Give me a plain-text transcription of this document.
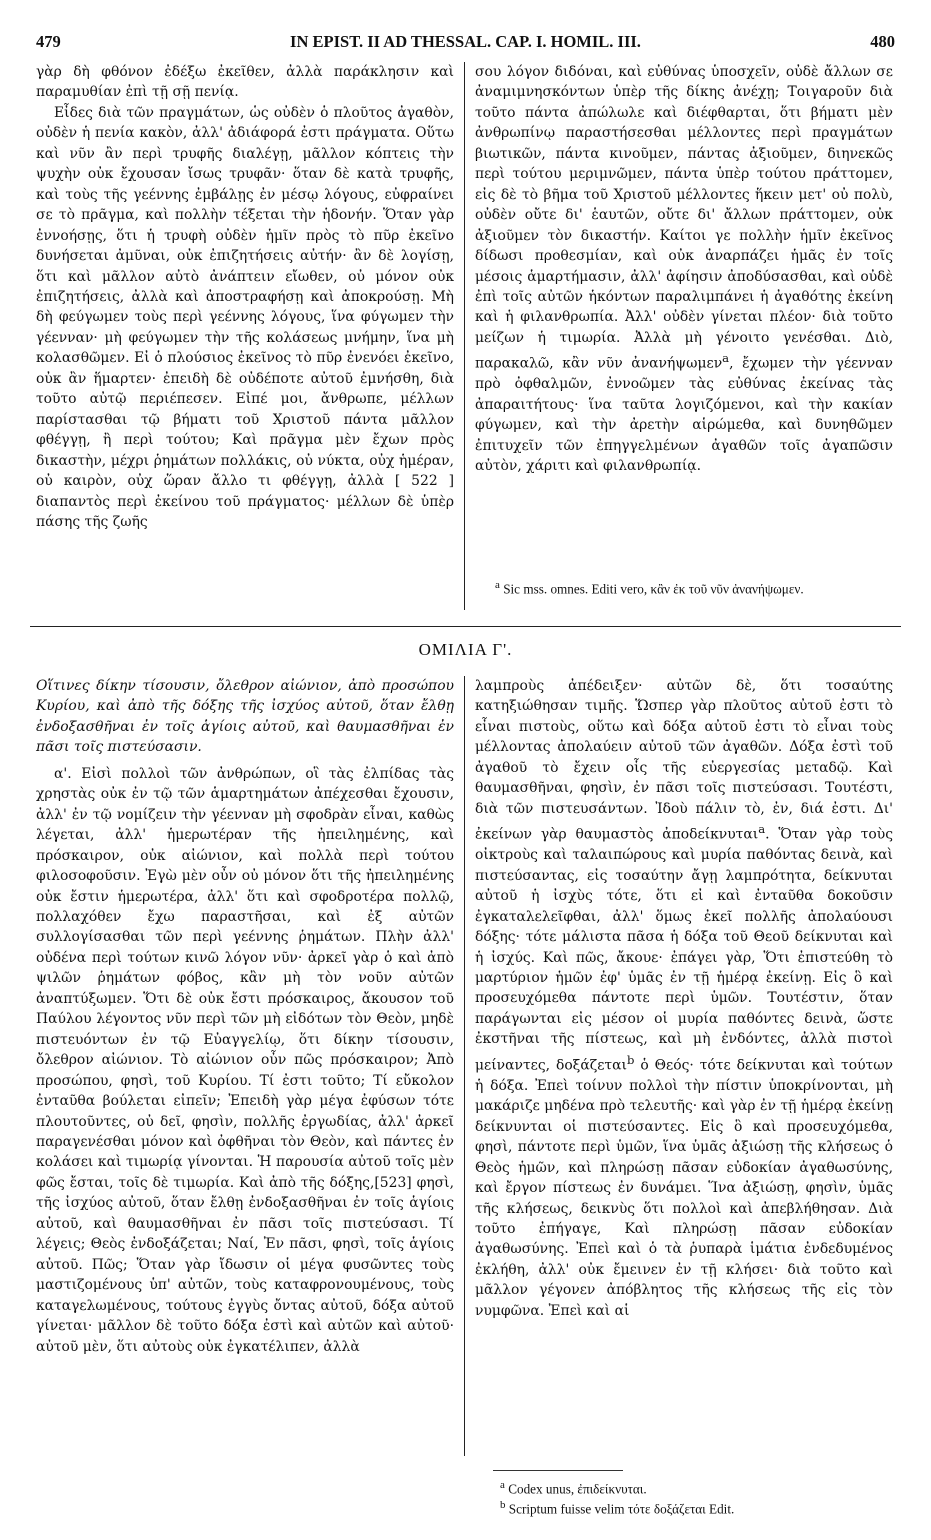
479	IN EPIST. II AD THESSAL. CAP. I. HOMIL. III.	480

γὰρ δὴ φθόνον ἐδέξω ἐκεῖθεν, ἀλλὰ παράκλησιν καὶ παραμυθίαν ἐπὶ τῇ σῇ πενίᾳ.

Εἶδες διὰ τῶν πραγμάτων, ὡς οὐδὲν ὁ πλοῦτος ἀγαθὸν, οὐδὲν ἡ πενία κακὸν, ἀλλ' ἀδιάφορά ἐστι πράγματα. Οὕτω καὶ νῦν ἂν περὶ τρυφῆς διαλέγῃ, μᾶλλον κόπτεις τὴν ψυχὴν οὐκ ἔχουσαν ἴσως τρυφᾶν· ὅταν δὲ κατὰ τρυφῆς, καὶ τοὺς τῆς γεέννης ἐμβάλῃς ἐν μέσῳ λόγους, εὐφραίνει σε τὸ πρᾶγμα, καὶ πολλὴν τέξεται τὴν ἡδονήν. Ὅταν γὰρ ἐννοήσῃς, ὅτι ἡ τρυφὴ οὐδὲν ἡμῖν πρὸς τὸ πῦρ ἐκεῖνο δυνήσεται ἀμῦναι, οὐκ ἐπιζητήσεις αὐτήν· ἂν δὲ λογίσῃ, ὅτι καὶ μᾶλλον αὐτὸ ἀνάπτειν εἴωθεν, οὐ μόνον οὐκ ἐπιζητήσεις, ἀλλὰ καὶ ἀποστραφήσῃ καὶ ἀποκρούσῃ. Μὴ δὴ φεύγωμεν τοὺς περὶ γεέννης λόγους, ἵνα φύγωμεν τὴν γέενναν· μὴ φεύγωμεν τὴν τῆς κολάσεως μνήμην, ἵνα μὴ κολασθῶμεν. Εἰ ὁ πλούσιος ἐκεῖνος τὸ πῦρ ἐνενόει ἐκεῖνο, οὐκ ἂν ἥμαρτεν· ἐπειδὴ δὲ οὐδέποτε αὐτοῦ ἐμνήσθη, διὰ τοῦτο αὐτῷ περιέπεσεν. Εἰπέ μοι, ἄνθρωπε, μέλλων παρίστασθαι τῷ βήματι τοῦ Χριστοῦ πάντα μᾶλλον φθέγγῃ, ἢ περὶ τούτου; Καὶ πρᾶγμα μὲν ἔχων πρὸς δικαστὴν, μέχρι ῥημάτων πολλάκις, οὐ νύκτα, οὐχ ἡμέραν, οὐ καιρὸν, οὐχ ὥραν ἄλλο τι φθέγγῃ, ἀλλὰ [ 522 ] διαπαντὸς περὶ ἐκείνου τοῦ πράγματος· μέλλων δὲ ὑπὲρ πάσης τῆς ζωῆς

σου λόγον διδόναι, καὶ εὐθύνας ὑποσχεῖν, οὐδὲ ἄλλων σε ἀναμιμνησκόντων ὑπὲρ τῆς δίκης ἀνέχῃ; Τοιγαροῦν διὰ τοῦτο πάντα ἀπώλωλε καὶ διέφθαρται, ὅτι βήματι μὲν ἀνθρωπίνῳ παραστήσεσθαι μέλλοντες περὶ πραγμάτων βιωτικῶν, πάντα κινοῦμεν, πάντας ἀξιοῦμεν, διηνεκῶς περὶ τούτου μεριμνῶμεν, πάντα ὑπὲρ τούτου πράττομεν, εἰς δὲ τὸ βῆμα τοῦ Χριστοῦ μέλλοντες ἥκειν μετ' οὐ πολὺ, οὐδὲν οὔτε δι' ἑαυτῶν, οὔτε δι' ἄλλων πράττομεν, οὐκ ἀξιοῦμεν τὸν δικαστήν. Καίτοι γε πολλὴν ἡμῖν ἐκεῖνος δίδωσι προθεσμίαν, καὶ οὐκ ἀναρπάζει ἡμᾶς ἐν τοῖς μέσοις ἁμαρτήμασιν, ἀλλ' ἀφίησιν ἀποδύσασθαι, καὶ οὐδὲ ἐπὶ τοῖς αὐτῶν ἡκόντων παραλιμπάνει ἡ ἀγαθότης ἐκείνη καὶ ἡ φιλανθρωπία. Ἀλλ' οὐδὲν γίνεται πλέον· διὰ τοῦτο μείζων ἡ τιμωρία. Ἀλλὰ μὴ γένοιτο γενέσθαι. Διὸ, παρακαλῶ, κἂν νῦν ἀνανήψωμεν$^a$, ἔχωμεν τὴν γέενναν πρὸ ὀφθαλμῶν, ἐννοῶμεν τὰς εὐθύνας ἐκείνας τὰς ἀπαραιτήτους· ἵνα ταῦτα λογιζόμενοι, καὶ τὴν κακίαν φύγωμεν, καὶ τὴν ἀρετὴν αἱρώμεθα, καὶ δυνηθῶμεν ἐπιτυχεῖν τῶν ἐπηγγελμένων ἀγαθῶν τοῖς ἀγαπῶσιν αὐτὸν, χάριτι καὶ φιλανθρωπίᾳ.

$^a$ Sic mss. omnes. Editi vero, κἂν ἐκ τοῦ νῦν ἀνανήψωμεν.
ΟΜΙΛΙΑ Γ'.

Οἵτινες δίκην τίσουσιν, ὄλεθρον αἰώνιον, ἀπὸ προσώπου Κυρίου, καὶ ἀπὸ τῆς δόξης τῆς ἰσχύος αὐτοῦ, ὅταν ἔλθῃ ἐνδοξασθῆναι ἐν τοῖς ἁγίοις αὐτοῦ, καὶ θαυμασθῆναι ἐν πᾶσι τοῖς πιστεύσασιν.

α'. Εἰσὶ πολλοὶ τῶν ἀνθρώπων, οἳ τὰς ἐλπίδας τὰς χρηστὰς οὐκ ἐν τῷ τῶν ἁμαρτημάτων ἀπέχεσθαι ἔχουσιν, ἀλλ' ἐν τῷ νομίζειν τὴν γέενναν μὴ σφοδρὰν εἶναι, καθὼς λέγεται, ἀλλ' ἡμερωτέραν τῆς ἠπειλημένης, καὶ πρόσκαιρον, οὐκ αἰώνιον, καὶ πολλὰ περὶ τούτου φιλοσοφοῦσιν. Ἐγὼ μὲν οὖν οὐ μόνον ὅτι τῆς ἠπειλημένης οὐκ ἔστιν ἡμερωτέρα, ἀλλ' ὅτι καὶ σφοδροτέρα πολλῷ, πολλαχόθεν ἔχω παραστῆσαι, καὶ ἐξ αὐτῶν συλλογίσασθαι τῶν περὶ γεέννης ῥημάτων. Πλὴν ἀλλ' οὐδένα περὶ τούτων κινῶ λόγον νῦν· ἀρκεῖ γὰρ ὁ καὶ ἀπὸ ψιλῶν ῥημάτων φόβος, κἂν μὴ τὸν νοῦν αὐτῶν ἀναπτύξωμεν. Ὅτι δὲ οὐκ ἔστι πρόσκαιρος, ἄκουσον τοῦ Παύλου λέγοντος νῦν περὶ τῶν μὴ εἰδότων τὸν Θεὸν, μηδὲ πιστευόντων ἐν τῷ Εὐαγγελίῳ, ὅτι δίκην τίσουσιν, ὄλεθρον αἰώνιον. Τὸ αἰώνιον οὖν πῶς πρόσκαιρον; Ἀπὸ προσώπου, φησὶ, τοῦ Κυρίου. Τί ἐστι τοῦτο; Τί εὔκολον ἐνταῦθα βούλεται εἰπεῖν; Ἐπειδὴ γὰρ μέγα ἐφύσων τότε πλουτοῦντες, οὐ δεῖ, φησὶν, πολλῆς ἐργωδίας, ἀλλ' ἀρκεῖ παραγενέσθαι μόνον καὶ ὀφθῆναι τὸν Θεὸν, καὶ πάντες ἐν κολάσει καὶ τιμωρίᾳ γίνονται. Ἡ παρουσία αὐτοῦ τοῖς μὲν φῶς ἔσται, τοῖς δὲ τιμωρία. Καὶ ἀπὸ τῆς δόξης,[523] φησὶ, τῆς ἰσχύος αὐτοῦ, ὅταν ἔλθῃ ἐνδοξασθῆναι ἐν τοῖς ἁγίοις αὐτοῦ, καὶ θαυμασθῆναι ἐν πᾶσι τοῖς πιστεύσασι. Τί λέγεις; Θεὸς ἐνδοξάζεται; Ναί, Ἐν πᾶσι, φησὶ, τοῖς ἁγίοις αὐτοῦ. Πῶς; Ὅταν γὰρ ἴδωσιν οἱ μέγα φυσῶντες τοὺς μαστιζομένους ὑπ' αὐτῶν, τοὺς καταφρονουμένους, τοὺς καταγελωμένους, τούτους ἐγγὺς ὄντας αὐτοῦ, δόξα αὐτοῦ γίνεται· μᾶλλον δὲ τοῦτο δόξα ἐστὶ καὶ αὐτῶν καὶ αὐτοῦ· αὐτοῦ μὲν, ὅτι αὐτοὺς οὐκ ἐγκατέλιπεν, ἀλλὰ

λαμπροὺς ἀπέδειξεν· αὐτῶν δὲ, ὅτι τοσαύτης κατηξιώθησαν τιμῆς. Ὥσπερ γὰρ πλοῦτος αὐτοῦ ἐστι τὸ εἶναι πιστοὺς, οὕτω καὶ δόξα αὐτοῦ ἐστι τὸ εἶναι τοὺς μέλλοντας ἀπολαύειν αὐτοῦ τῶν ἀγαθῶν. Δόξα ἐστὶ τοῦ ἀγαθοῦ τὸ ἔχειν οἷς τῆς εὐεργεσίας μεταδῷ. Καὶ θαυμασθῆναι, φησὶν, ἐν πᾶσι τοῖς πιστεύσασι. Τουτέστι, διὰ τῶν πιστευσάντων. Ἰδοὺ πάλιν τὸ, ἐν, διά ἐστι. Δι' ἐκείνων γὰρ θαυμαστὸς ἀποδείκνυται$^a$. Ὅταν γὰρ τοὺς οἰκτροὺς καὶ ταλαιπώρους καὶ μυρία παθόντας δεινὰ, καὶ πιστεύσαντας, εἰς τοσαύτην ἄγῃ λαμπρότητα, δείκνυται αὐτοῦ ἡ ἰσχὺς τότε, ὅτι εἰ καὶ ἐνταῦθα δοκοῦσιν ἐγκαταλελεῖφθαι, ἀλλ' ὅμως ἐκεῖ πολλῆς ἀπολαύουσι δόξης· τότε μάλιστα πᾶσα ἡ δόξα τοῦ Θεοῦ δείκνυται καὶ ἡ ἰσχύς. Καὶ πῶς, ἄκουε· ἐπάγει γὰρ, Ὅτι ἐπιστεύθη τὸ μαρτύριον ἡμῶν ἐφ' ὑμᾶς ἐν τῇ ἡμέρᾳ ἐκείνῃ. Εἰς ὃ καὶ προσευχόμεθα πάντοτε περὶ ὑμῶν. Τουτέστιν, ὅταν παράγωνται εἰς μέσον οἱ μυρία παθόντες δεινὰ, ὥστε ἐκστῆναι τῆς πίστεως, καὶ μὴ ἐνδόντες, ἀλλὰ πιστοὶ μείναντες, δοξάζεται$^b$ ὁ Θεός· τότε δείκνυται καὶ τούτων ἡ δόξα. Ἐπεὶ τοίνυν πολλοὶ τὴν πίστιν ὑποκρίνονται, μὴ μακάριζε μηδένα πρὸ τελευτῆς· καὶ γὰρ ἐν τῇ ἡμέρᾳ ἐκείνῃ δείκνυνται οἱ πιστεύσαντες. Εἰς ὃ καὶ προσευχόμεθα, φησὶ, πάντοτε περὶ ὑμῶν, ἵνα ὑμᾶς ἀξιώσῃ τῆς κλήσεως ὁ Θεὸς ἡμῶν, καὶ πληρώσῃ πᾶσαν εὐδοκίαν ἀγαθωσύνης, καὶ ἔργον πίστεως ἐν δυνάμει. Ἵνα ἀξιώσῃ, φησὶν, ὑμᾶς τῆς κλήσεως, δεικνὺς ὅτι πολλοὶ καὶ ἀπεβλήθησαν. Διὰ τοῦτο ἐπήγαγε, Καὶ πληρώσῃ πᾶσαν εὐδοκίαν ἀγαθωσύνης. Ἐπεὶ καὶ ὁ τὰ ῥυπαρὰ ἱμάτια ἐνδεδυμένος ἐκλήθη, ἀλλ' οὐκ ἔμεινεν ἐν τῇ κλήσει· διὰ τοῦτο καὶ μᾶλλον γέγονεν ἀπόβλητος τῆς κλήσεως τῆς εἰς τὸν νυμφῶνα. Ἐπεὶ καὶ αἱ

$^a$ Codex unus, ἐπιδείκνυται.
$^b$ Scriptum fuisse velim τότε δοξάζεται Edit.
